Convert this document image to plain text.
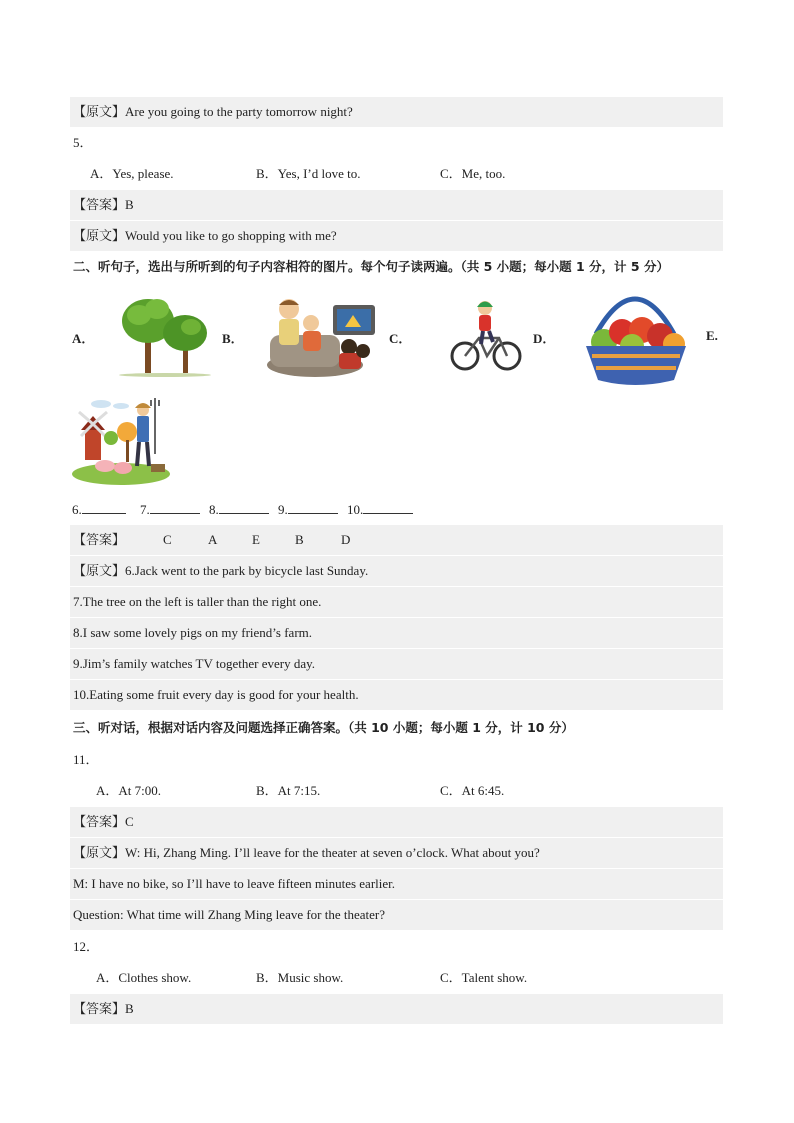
【原文】Are you going to the party tomorrow night?
5．
A．Yes, please.	B．Yes, I’d love to.	C．Me, too.
【答案】B
【原文】Would you like to go shopping with me?
二、听句子，选出与所听到的句子内容相符的图片。每个句子读两遍。（共 5 小题；每小题 1 分，计 5 分）
A．	B．	C．	D．	E.
6.	7.	8.	9.	10.
【答案】	C	A	E	B	D
【原文】6.Jack went to the park by bicycle last Sunday.
7.The tree on the left is taller than the right one.
8.I saw some lovely pigs on my friend’s farm.
9.Jim’s family watches TV together every day.
10.Eating some fruit every day is good for your health.
三、听对话，根据对话内容及问题选择正确答案。（共 10 小题；每小题 1 分，计 10 分）
11．
A．At 7:00.	B．At 7:15.	C．At 6:45.
【答案】C
【原文】W: Hi, Zhang Ming. I’ll leave for the theater at seven o’clock. What about you?
M: I have no bike, so I’ll have to leave fifteen minutes earlier.
Question: What time will Zhang Ming leave for the theater?
12．
A．Clothes show.	B．Music show.	C．Talent show.
【答案】B
